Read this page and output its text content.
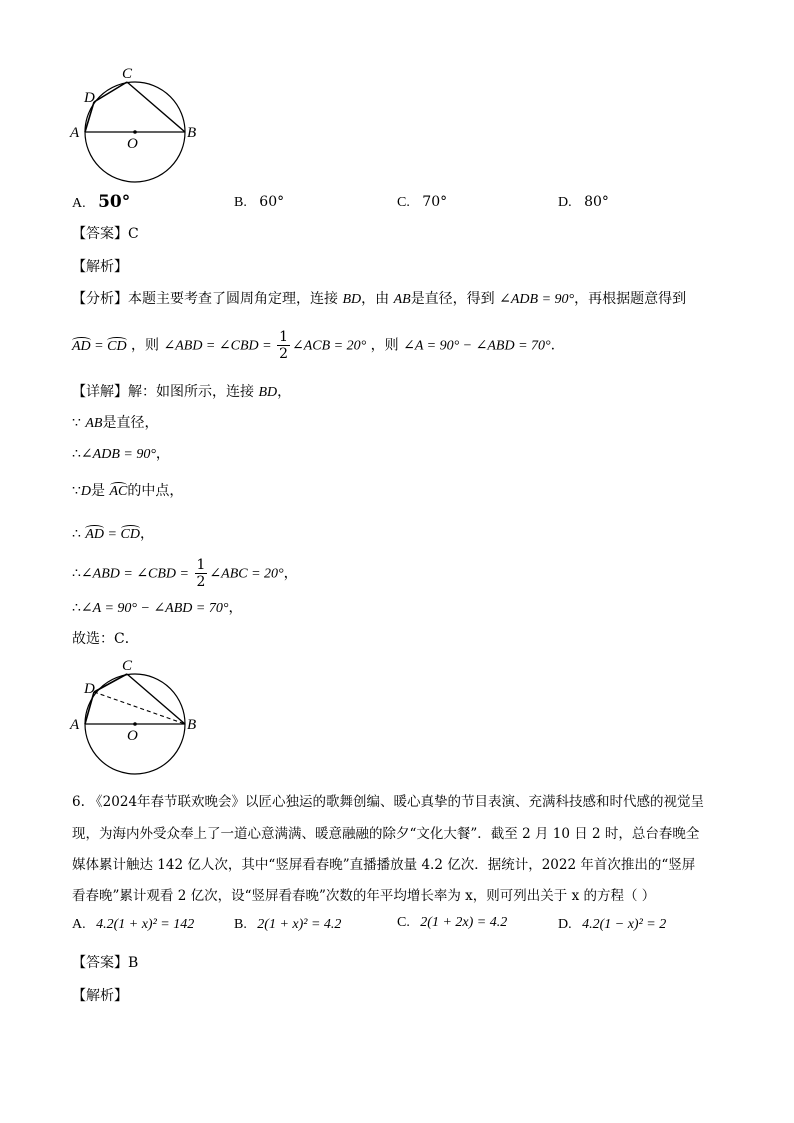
C
D
A	B
O
A. 50°	B. 60°	C. 70°	D. 80°
【答案】C
【解析】
【分析】本题主要考查了圆周角定理，连接 BD，由 AB是直径，得到 ∠ADB = 90°，再根据题意得到
AD = CD ，则 ∠ABD = ∠CBD = $\frac{1}{2}$ ∠ACB = 20° ，则 ∠A = 90° − ∠ABD = 70°.
【详解】解：如图所示，连接 BD，
∵ AB是直径，
∴∠ADB = 90°，
∵D是 AC的中点，
∴ AD = CD，
∴∠ABD = ∠CBD = $\frac{1}{2}$ ∠ABC = 20°，
∴∠A = 90° − ∠ABD = 70°，
故选：C．
C
D
A	B
O
6. 《2024年春节联欢晚会》以匠心独运的歌舞创编、暖心真挚的节目表演、充满科技感和时代感的视觉呈
现，为海内外受众奉上了一道心意满满、暖意融融的除夕“文化大餐”．截至 2 月 10 日 2 时，总台春晚全
媒体累计触达 142 亿人次，其中“竖屏看春晚”直播播放量 4.2 亿次．据统计，2022 年首次推出的“竖屏
看春晚”累计观看 2 亿次，设“竖屏看春晚”次数的年平均增长率为 x，则可列出关于 x 的方程（ ）
A. 4.2(1 + x)² = 142	B. 2(1 + x)² = 4.2	C. 2(1 + 2x) = 4.2	D. 4.2(1 − x)² = 2
【答案】B
【解析】
